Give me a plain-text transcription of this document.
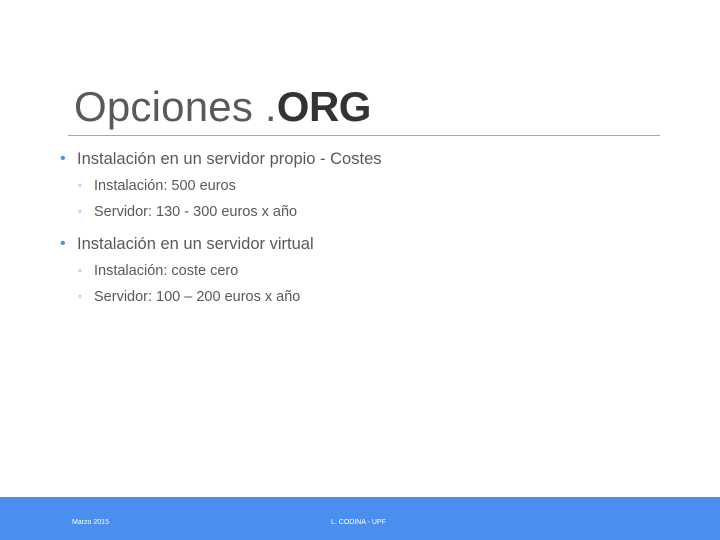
Opciones .ORG
• Instalación en un servidor propio - Costes
◦ Instalación: 500 euros
◦ Servidor: 130 - 300 euros x año
• Instalación en un servidor virtual
◦ Instalación: coste cero
◦ Servidor: 100 – 200 euros x año
Marzo 2015	L. CODINA - UPF
